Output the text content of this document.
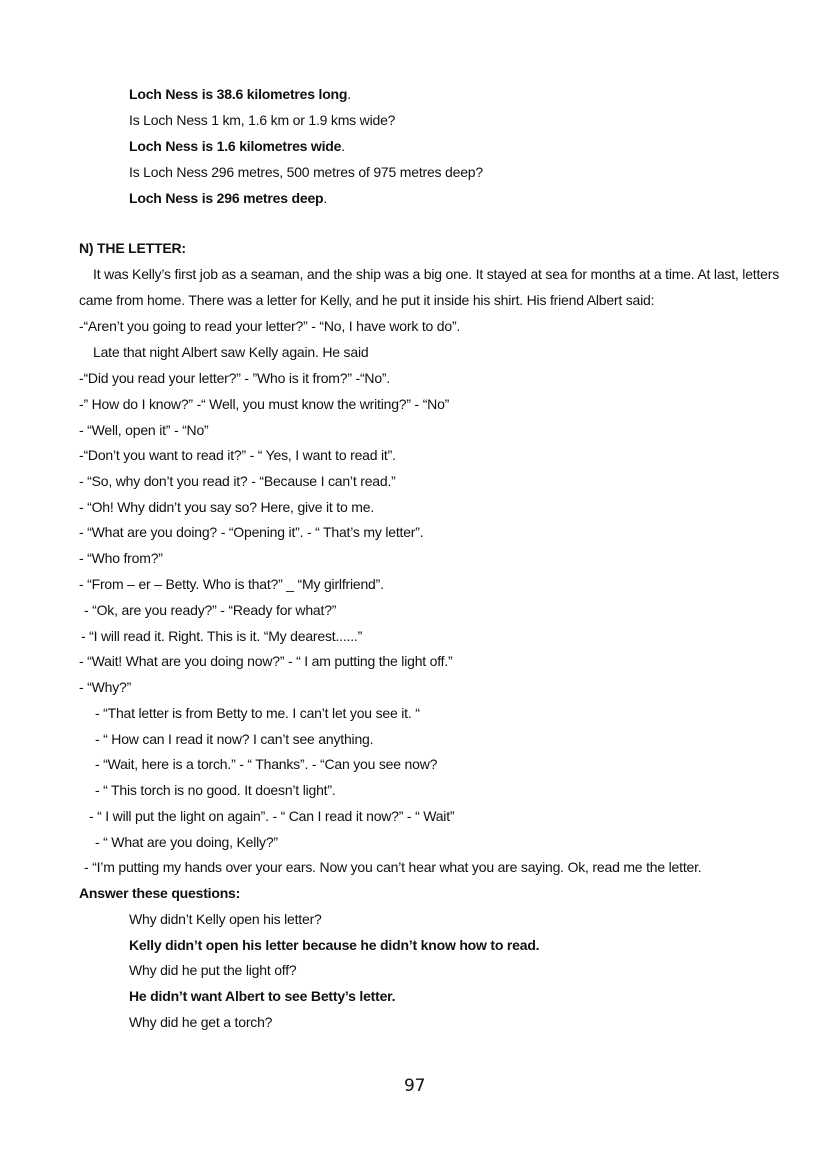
Loch Ness is 38.6 kilometres long.
Is Loch Ness 1 km, 1.6 km or 1.9 kms wide?
Loch Ness is 1.6 kilometres wide.
Is Loch Ness 296 metres, 500 metres of 975 metres deep?
Loch Ness is 296 metres deep.
N) THE LETTER:
It was Kelly’s first job as a seaman, and the ship was a big one. It stayed at sea for months at a time. At last, letters
came from home. There was a letter for Kelly, and he put it inside his shirt. His friend Albert said:
-“Aren’t you going to read your letter?” - “No, I have work to do”.
Late that night Albert saw Kelly again. He said
-“Did you read your letter?” - ”Who is it from?” -“No”.
-” How do I know?” -“ Well, you must know the writing?” - “No”
- “Well, open it” - “No”
-“Don’t you want to read it?” - “ Yes, I want to read it”.
- “So, why don’t you read it? - “Because I can’t read.”
- “Oh! Why didn’t you say so? Here, give it to me.
- “What are you doing? - “Opening it”. - “ That’s my letter”.
- “Who from?”
- “From – er – Betty. Who is that?” _ “My girlfriend”.
- “Ok, are you ready?” - “Ready for what?”
- “I will read it. Right. This is it. “My dearest......”
- “Wait! What are you doing now?” - “ I am putting the light off.”
- “Why?”
- “That letter is from Betty to me. I can’t let you see it. “
- “ How can I read it now? I can’t see anything.
- “Wait, here is a torch.” - “ Thanks”. - “Can you see now?
- “ This torch is no good. It doesn’t light”.
- “ I will put the light on again”. - “ Can I read it now?” - “ Wait”
- “ What are you doing, Kelly?”
- “I’m putting my hands over your ears. Now you can’t hear what you are saying. Ok, read me the letter.
Answer these questions:
Why didn’t Kelly open his letter?
Kelly didn’t open his letter because he didn’t know how to read.
Why did he put the light off?
He didn’t want Albert to see Betty’s letter.
Why did he get a torch?
97
